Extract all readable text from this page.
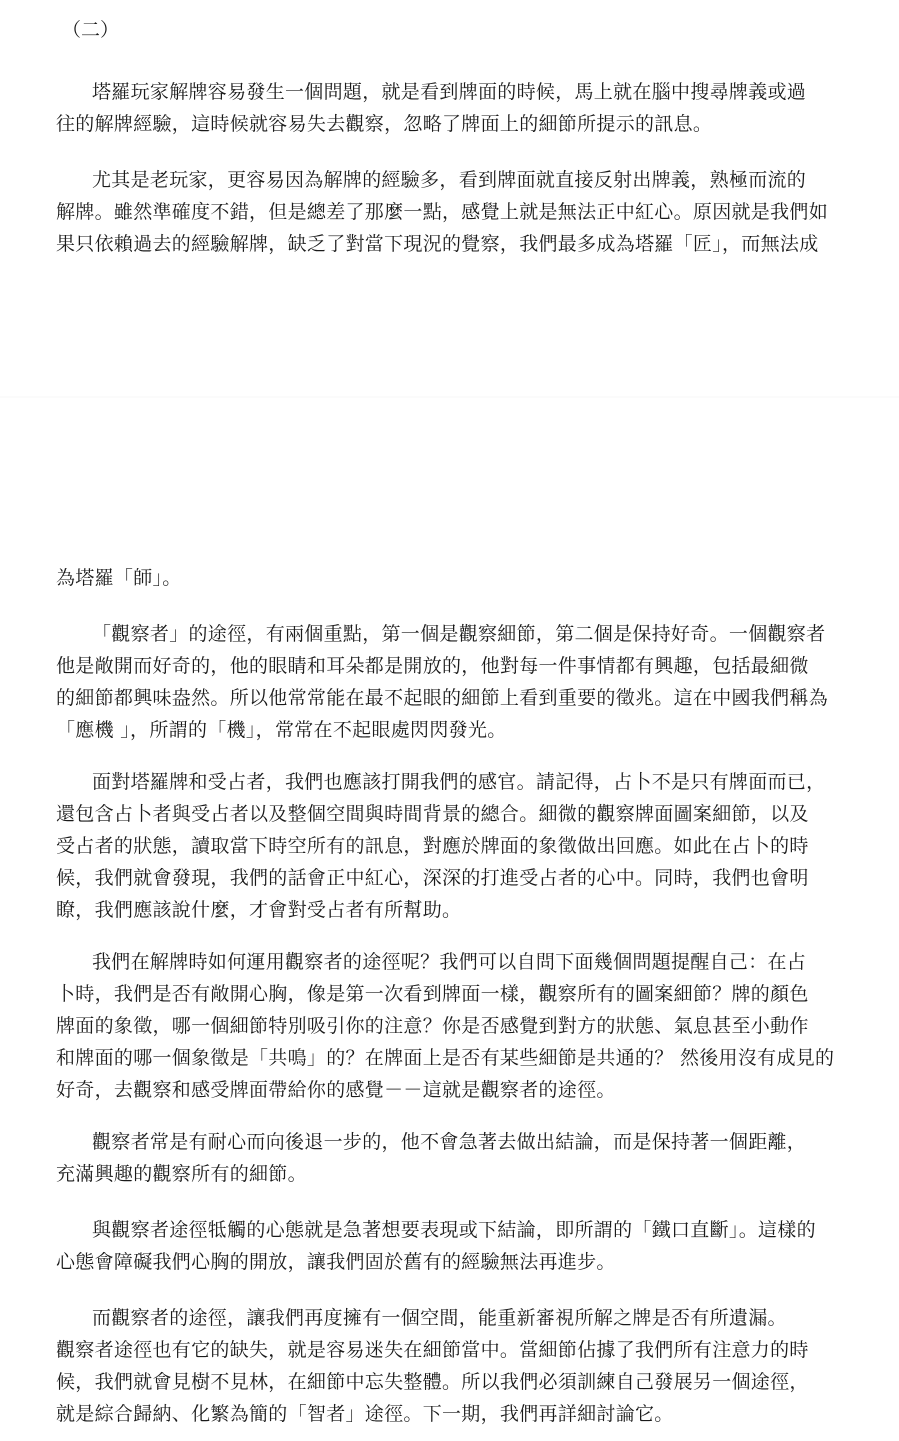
（二）
塔羅玩家解牌容易發生一個問題，就是看到牌面的時候，馬上就在腦中搜尋牌義或過
往的解牌經驗，這時候就容易失去觀察，忽略了牌面上的細節所提示的訊息。
尤其是老玩家，更容易因為解牌的經驗多，看到牌面就直接反射出牌義，熟極而流的
解牌。雖然準確度不錯，但是總差了那麼一點，感覺上就是無法正中紅心。原因就是我們如
果只依賴過去的經驗解牌，缺乏了對當下現況的覺察，我們最多成為塔羅「匠」，而無法成
為塔羅「師」。
「觀察者」的途徑，有兩個重點，第一個是觀察細節，第二個是保持好奇。一個觀察者
他是敞開而好奇的，他的眼睛和耳朵都是開放的，他對每一件事情都有興趣，包括最細微
的細節都興味盎然。所以他常常能在最不起眼的細節上看到重要的徵兆。這在中國我們稱為
「應機 」，所謂的「機」，常常在不起眼處閃閃發光。
面對塔羅牌和受占者，我們也應該打開我們的感官。請記得，占卜不是只有牌面而已，
還包含占卜者與受占者以及整個空間與時間背景的總合。細微的觀察牌面圖案細節，以及
受占者的狀態，讀取當下時空所有的訊息，對應於牌面的象徵做出回應。如此在占卜的時
候，我們就會發現，我們的話會正中紅心，深深的打進受占者的心中。同時，我們也會明
瞭，我們應該說什麼，才會對受占者有所幫助。
我們在解牌時如何運用觀察者的途徑呢？我們可以自問下面幾個問題提醒自己：在占
卜時，我們是否有敞開心胸，像是第一次看到牌面一樣，觀察所有的圖案細節？牌的顏色
牌面的象徵，哪一個細節特別吸引你的注意？你是否感覺到對方的狀態、氣息甚至小動作
和牌面的哪一個象徵是「共鳴」的？在牌面上是否有某些細節是共通的？ 然後用沒有成見的
好奇，去觀察和感受牌面帶給你的感覺－－這就是觀察者的途徑。
觀察者常是有耐心而向後退一步的，他不會急著去做出結論，而是保持著一個距離，
充滿興趣的觀察所有的細節。
與觀察者途徑牴觸的心態就是急著想要表現或下結論，即所謂的「鐵口直斷」。這樣的
心態會障礙我們心胸的開放，讓我們固於舊有的經驗無法再進步。
而觀察者的途徑，讓我們再度擁有一個空間，能重新審視所解之牌是否有所遺漏。
觀察者途徑也有它的缺失，就是容易迷失在細節當中。當細節佔據了我們所有注意力的時
候，我們就會見樹不見林，在細節中忘失整體。所以我們必須訓練自己發展另一個途徑，
就是綜合歸納、化繁為簡的「智者」途徑。下一期，我們再詳細討論它。
